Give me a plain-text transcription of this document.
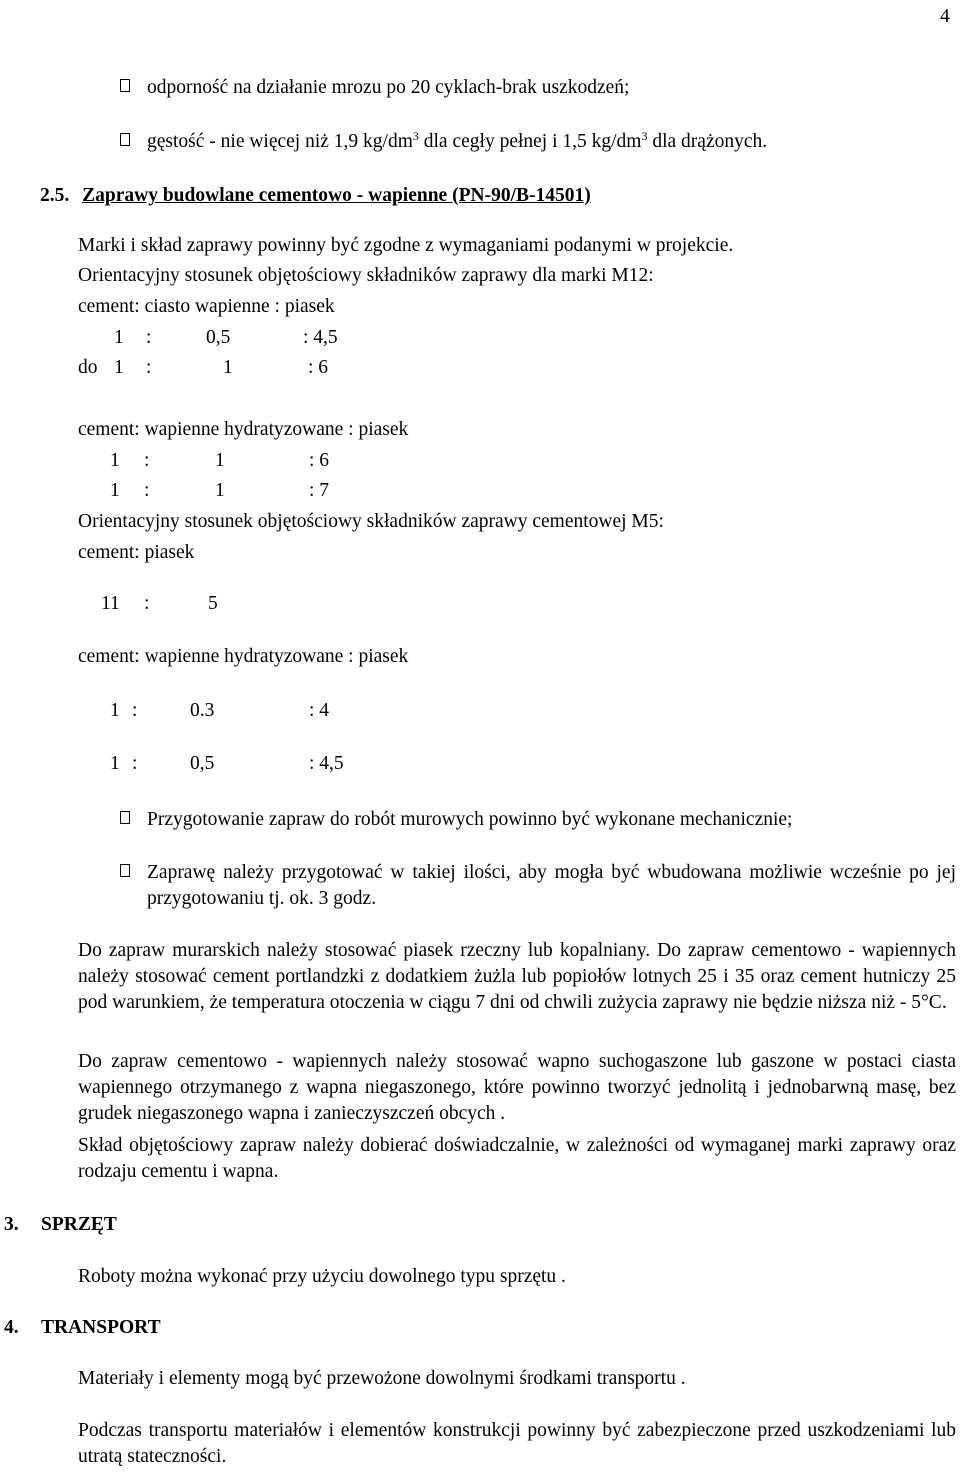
4
odporność na działanie mrozu po 20 cyklach-brak uszkodzeń;
gęstość - nie więcej niż 1,9 $kg/dm^3$ dla cegły pełnej i 1,5 $kg/dm^3$ dla drążonych.
2.5. Zaprawy budowlane cementowo - wapienne (PN-90/B-14501)
Marki i skład zaprawy powinny być zgodne z wymaganiami podanymi w projekcie.
Orientacyjny stosunek objętościowy składników zaprawy dla marki M12:
cement: ciasto wapienne : piasek
1 :	0,5	: 4,5
do 1 :	1	: 6
cement: wapienne hydratyzowane : piasek
1 :	1	: 6
1 :	1	: 7
Orientacyjny stosunek objętościowy składników zaprawy cementowej M5:
cement: piasek
11 :	5
cement: wapienne hydratyzowane : piasek
1 :	0.3	: 4
1 :	0,5	: 4,5
Przygotowanie zapraw do robót murowych powinno być wykonane mechanicznie;

Zaprawę należy przygotować w takiej ilości, aby mogła być wbudowana możliwie wcześnie po jej przygotowaniu tj. ok. 3 godz.

Do zapraw murarskich należy stosować piasek rzeczny lub kopalniany. Do zapraw cementowo - wapiennych należy stosować cement portlandzki z dodatkiem żużla lub popiołów lotnych 25 i 35 oraz cement hutniczy 25 pod warunkiem, że temperatura otoczenia w ciągu 7 dni od chwili zużycia zaprawy nie będzie niższa niż - 5°C.

Do zapraw cementowo - wapiennych należy stosować wapno suchogaszone lub gaszone w postaci ciasta wapiennego otrzymanego z wapna niegaszonego, które powinno tworzyć jednolitą i jednobarwną masę, bez grudek niegaszonego wapna i zanieczyszczeń obcych .

Skład objętościowy zapraw należy dobierać doświadczalnie, w zależności od wymaganej marki zaprawy oraz rodzaju cementu i wapna.

3. SPRZĘT
Roboty można wykonać przy użyciu dowolnego typu sprzętu .
4. TRANSPORT
Materiały i elementy mogą być przewożone dowolnymi środkami transportu .

Podczas transportu materiałów i elementów konstrukcji powinny być zabezpieczone przed uszkodzeniami lub utratą stateczności.
